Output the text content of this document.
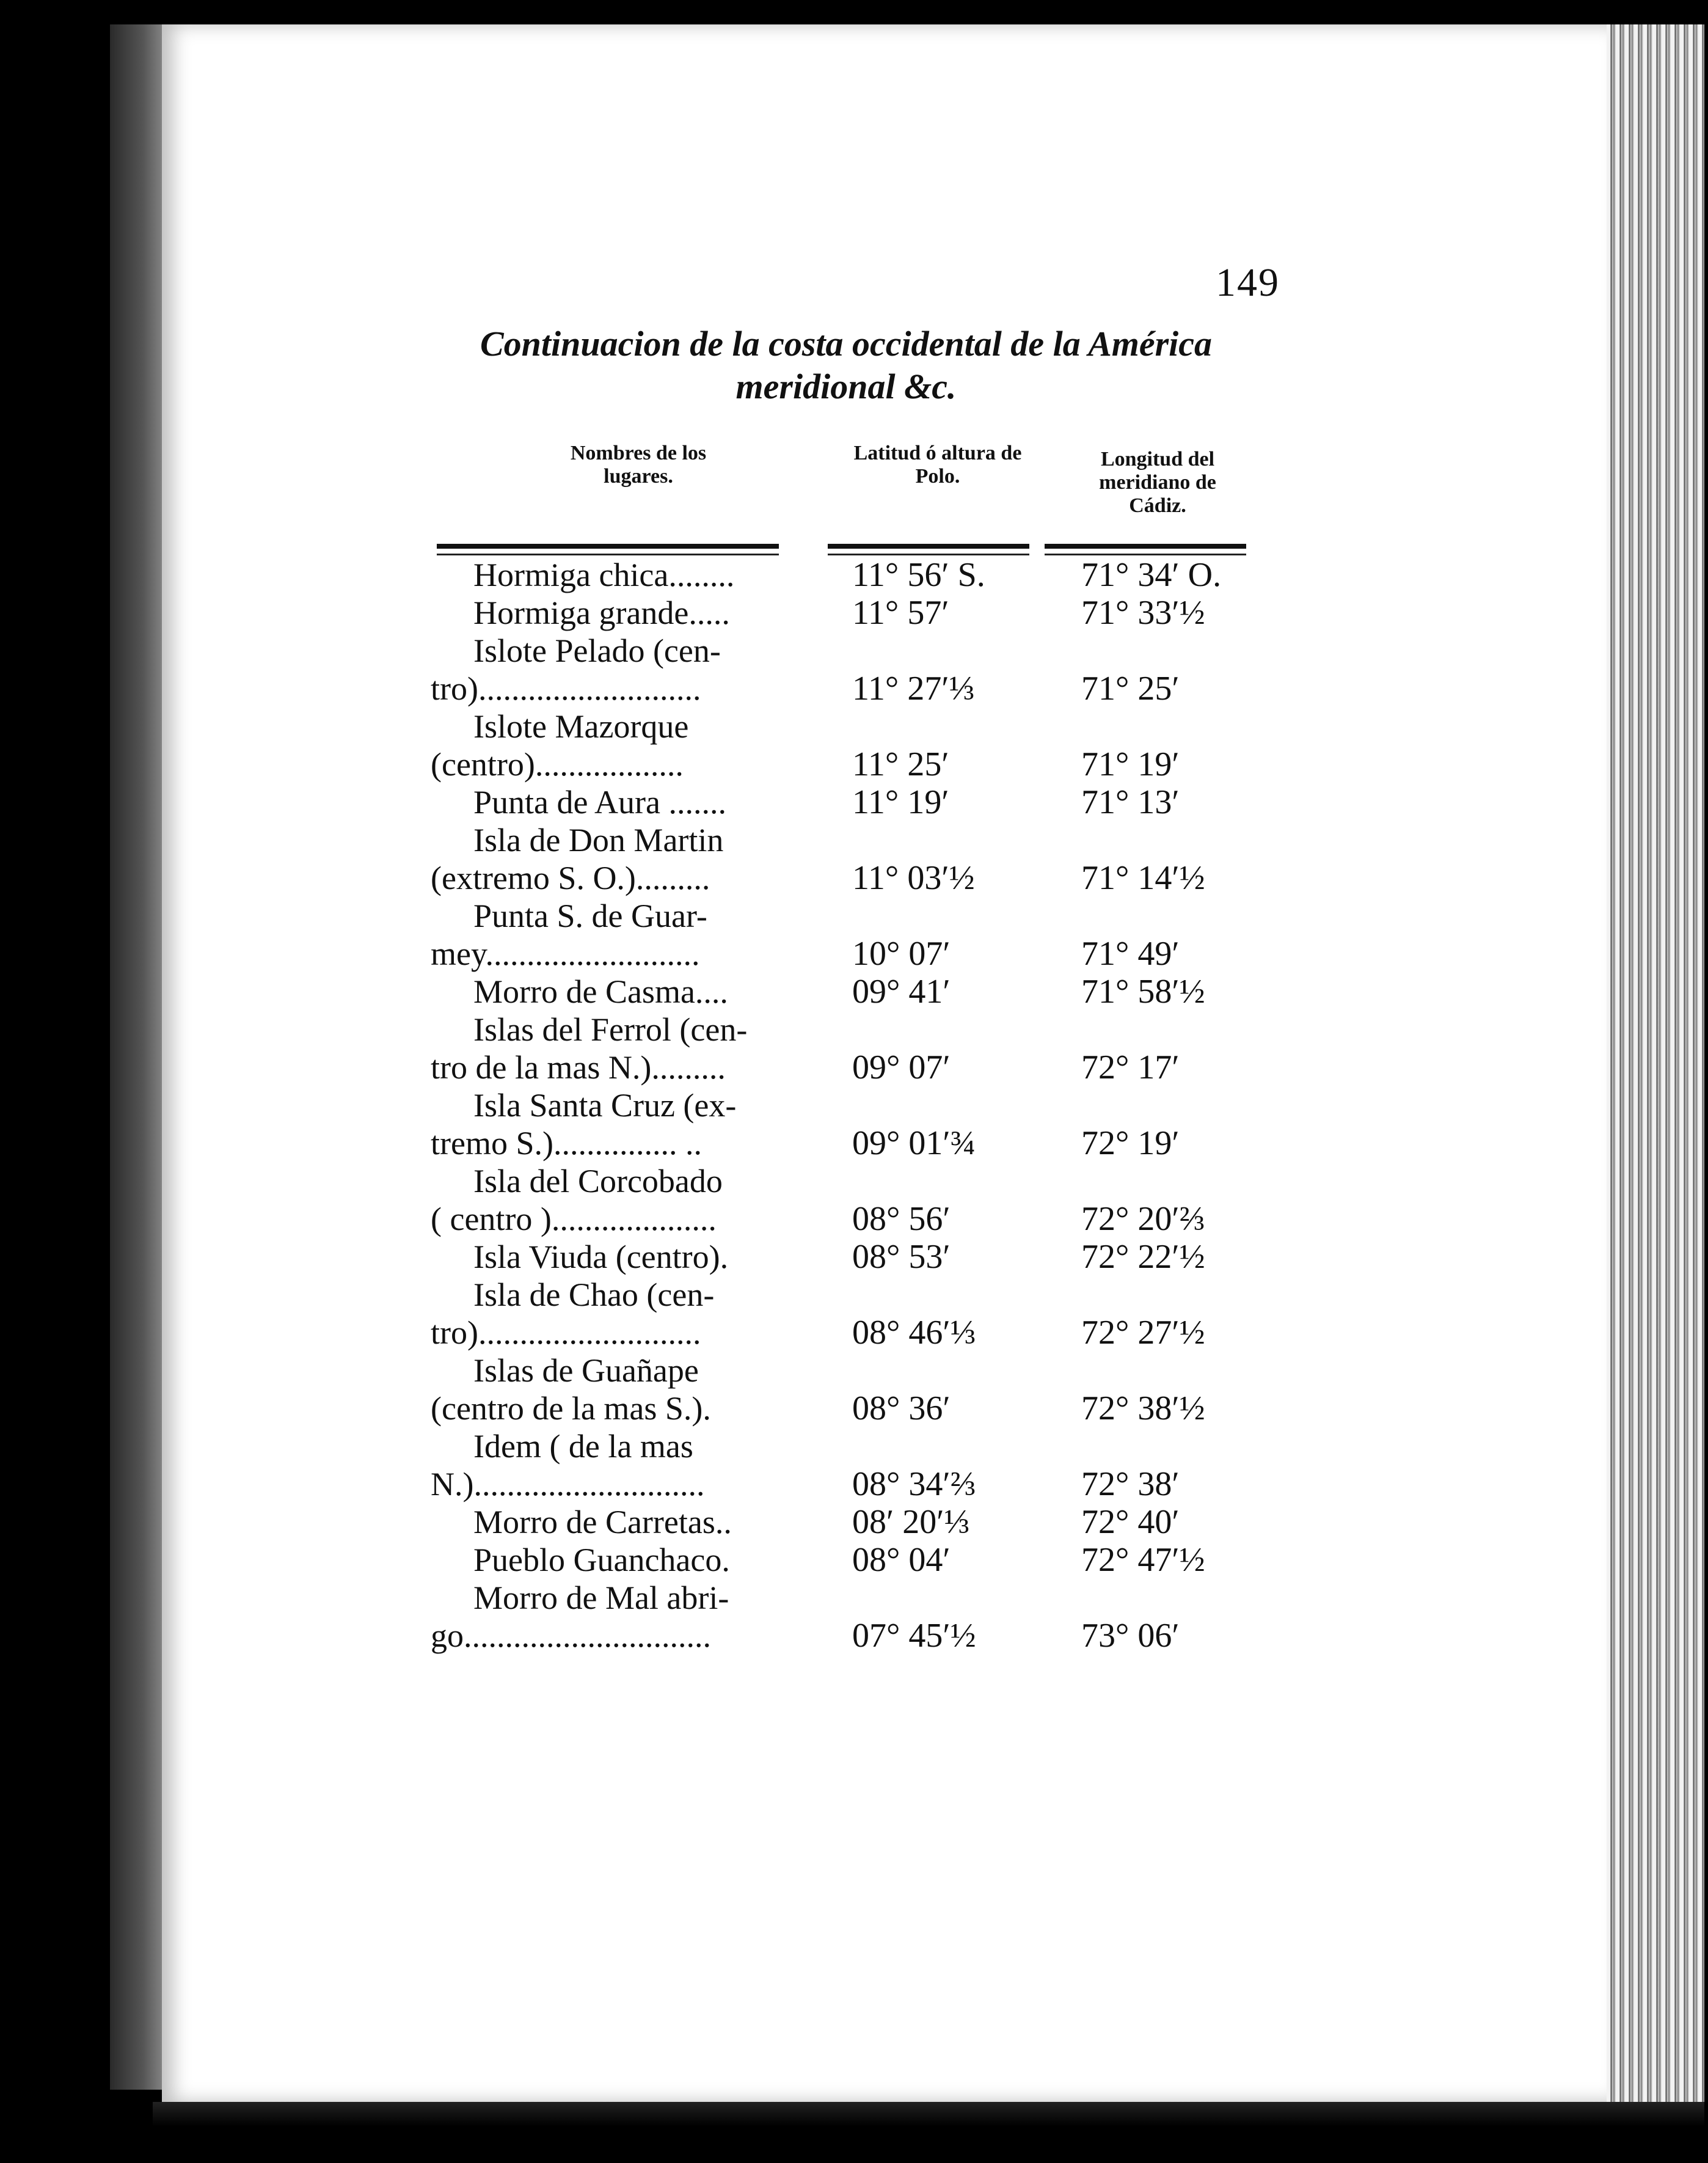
149
Continuacion de la costa occidental de la América meridional &c.
Nombres de los lugares.
Latitud ó altura de Polo.
Longitud del meridiano de Cádiz.
Hormiga chica........	11° 56′ S.	71° 34′ O.
Hormiga grande.....	11° 57′	71° 33′½
Islote Pelado (cen-
tro)...........................	11° 27′⅓	71° 25′
Islote Mazorque
(centro)..................	11° 25′	71° 19′
Punta de Aura .......	11° 19′	71° 13′
Isla de Don Martin
(extremo S. O.).........	11° 03′½	71° 14′½
Punta S. de Guar-
mey..........................	10° 07′	71° 49′
Morro de Casma....	09° 41′	71° 58′½
Islas del Ferrol (cen-
tro de la mas N.).........	09° 07′	72° 17′
Isla Santa Cruz (ex-
tremo S.)............... ..	09° 01′¾	72° 19′
Isla del Corcobado
( centro )....................	08° 56′	72° 20′⅔
Isla Viuda (centro).	08° 53′	72° 22′½
Isla de Chao (cen-
tro)...........................	08° 46′⅓	72° 27′½
Islas de Guañape
(centro de la mas S.).	08° 36′	72° 38′½
Idem ( de la mas
N.)............................	08° 34′⅔	72° 38′
Morro de Carretas..	08′ 20′⅓	72° 40′
Pueblo Guanchaco.	08° 04′	72° 47′½
Morro de Mal abri-
go..............................	07° 45′½	73° 06′
